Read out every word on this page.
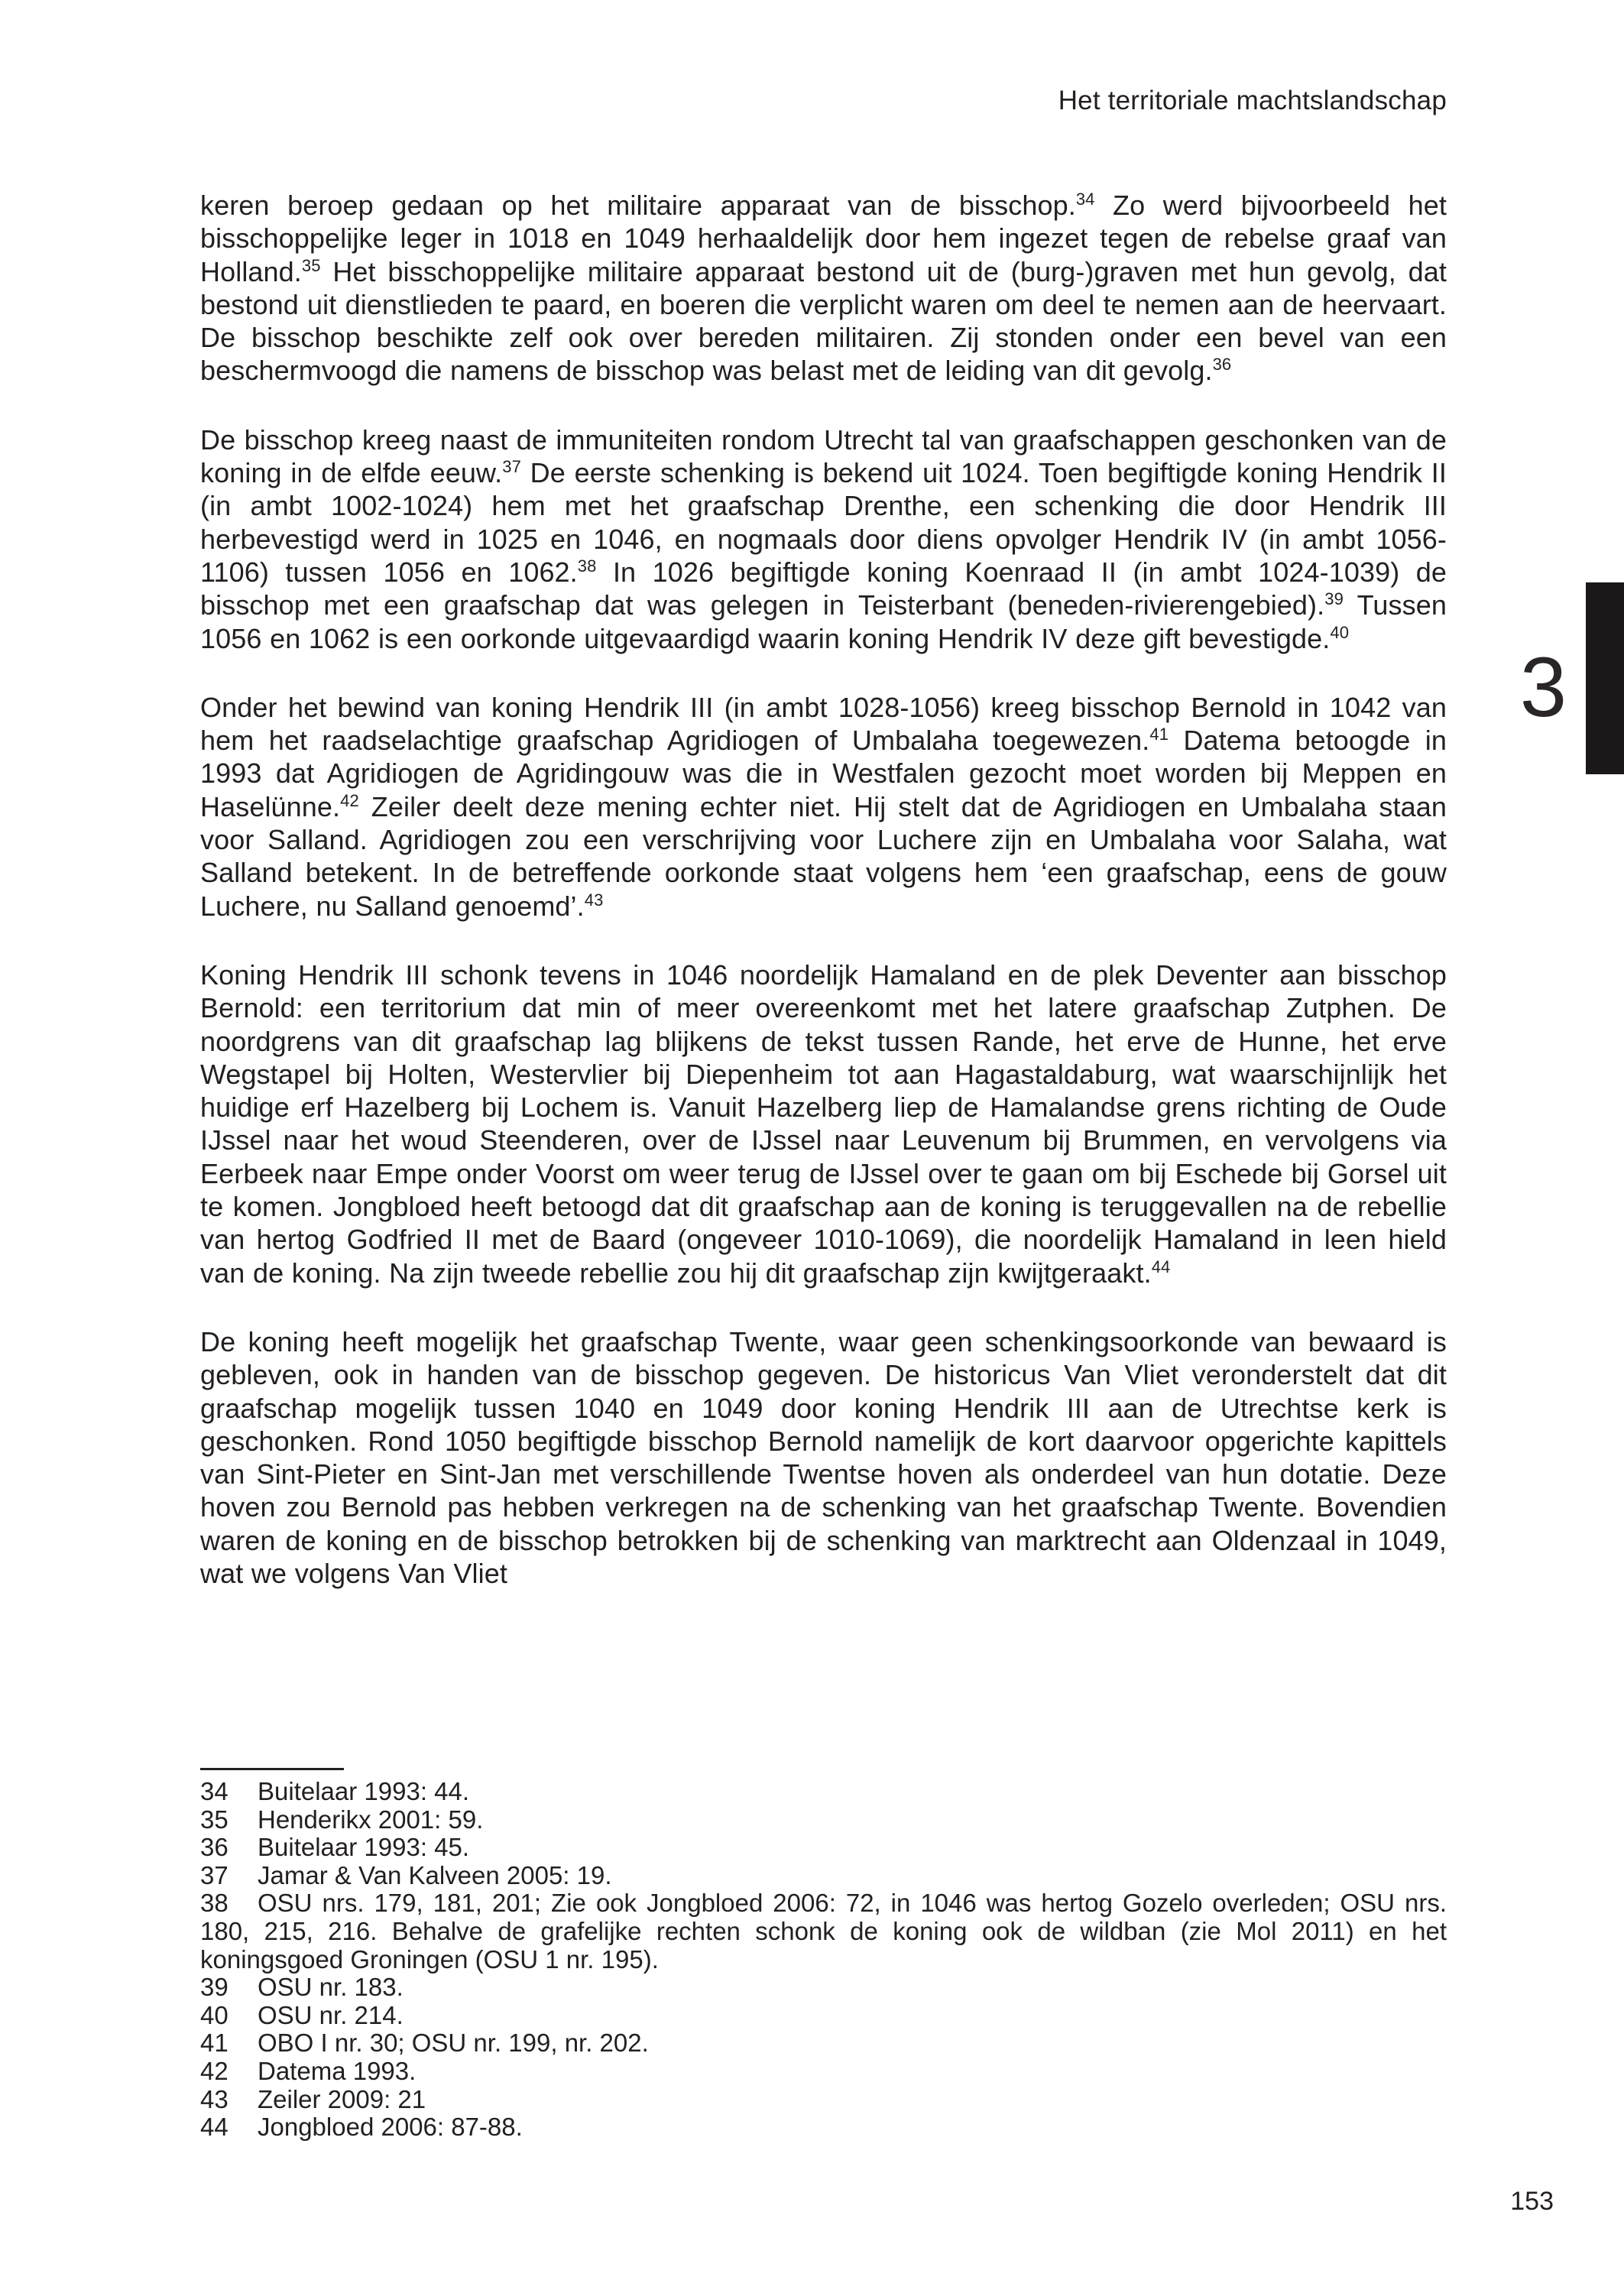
Het territoriale machtslandschap

keren beroep gedaan op het militaire apparaat van de bisschop.$^{34}$ Zo werd bijvoorbeeld het bisschoppelijke leger in 1018 en 1049 herhaaldelijk door hem ingezet tegen de rebelse graaf van Holland.$^{35}$ Het bisschoppelijke militaire apparaat bestond uit de (burg-)graven met hun gevolg, dat bestond uit dienstlieden te paard, en boeren die verplicht waren om deel te nemen aan de heervaart. De bisschop beschikte zelf ook over bereden militairen. Zij stonden onder een bevel van een beschermvoogd die namens de bisschop was belast met de leiding van dit gevolg.$^{36}$

De bisschop kreeg naast de immuniteiten rondom Utrecht tal van graafschappen geschonken van de koning in de elfde eeuw.$^{37}$ De eerste schenking is bekend uit 1024. Toen begiftigde koning Hendrik II (in ambt 1002-1024) hem met het graafschap Drenthe, een schenking die door Hendrik III herbevestigd werd in 1025 en 1046, en nogmaals door diens opvolger Hendrik IV (in ambt 1056-1106) tussen 1056 en 1062.38 In 1026 begiftigde koning Koenraad II (in ambt 1024-1039) de bisschop met een graafschap dat was gelegen in Teisterbant (beneden-rivierengebied).$^{39}$ Tussen 1056 en 1062 is een oorkonde uitgevaardigd waarin koning Hendrik IV deze gift bevestigde.$^{40}$

Onder het bewind van koning Hendrik III (in ambt 1028-1056) kreeg bisschop Bernold in 1042 van hem het raadselachtige graafschap Agridiogen of Umbalaha toegewezen.$^{41}$ Datema betoogde in 1993 dat Agridiogen de Agridingouw was die in Westfalen gezocht moet worden bij Meppen en Haselünne.$^{42}$ Zeiler deelt deze mening echter niet. Hij stelt dat de Agridiogen en Umbalaha staan voor Salland. Agridiogen zou een verschrijving voor Luchere zijn en Umbalaha voor Salaha, wat Salland betekent. In de betreffende oorkonde staat volgens hem ‘een graafschap, eens de gouw Luchere, nu Salland genoemd’.$^{43}$

Koning Hendrik III schonk tevens in 1046 noordelijk Hamaland en de plek Deventer aan bisschop Bernold: een territorium dat min of meer overeenkomt met het latere graafschap Zutphen. De noordgrens van dit graafschap lag blijkens de tekst tussen Rande, het erve de Hunne, het erve Wegstapel bij Holten, Westervlier bij Diepenheim tot aan Hagastaldaburg, wat waarschijnlijk het huidige erf Hazelberg bij Lochem is. Vanuit Hazelberg liep de Hamalandse grens richting de Oude IJssel naar het woud Steenderen, over de IJssel naar Leuvenum bij Brummen, en vervolgens via Eerbeek naar Empe onder Voorst om weer terug de IJssel over te gaan om bij Eschede bij Gorsel uit te komen. Jongbloed heeft betoogd dat dit graafschap aan de koning is teruggevallen na de rebellie van hertog Godfried II met de Baard (ongeveer 1010-1069), die noordelijk Hamaland in leen hield van de koning. Na zijn tweede rebellie zou hij dit graafschap zijn kwijtgeraakt.$^{44}$

De koning heeft mogelijk het graafschap Twente, waar geen schenkingsoorkonde van bewaard is gebleven, ook in handen van de bisschop gegeven. De historicus Van Vliet veronderstelt dat dit graafschap mogelijk tussen 1040 en 1049 door koning Hendrik III aan de Utrechtse kerk is geschonken. Rond 1050 begiftigde bisschop Bernold namelijk de kort daarvoor opgerichte kapittels van Sint-Pieter en Sint-Jan met verschillende Twentse hoven als onderdeel van hun dotatie. Deze hoven zou Bernold pas hebben verkregen na de schenking van het graafschap Twente. Bovendien waren de koning en de bisschop betrokken bij de schenking van marktrecht aan Oldenzaal in 1049, wat we volgens Van Vliet

3
34 Buitelaar 1993: 44.
35 Henderikx 2001: 59.
36 Buitelaar 1993: 45.
37 Jamar & Van Kalveen 2005: 19.
38 OSU nrs. 179, 181, 201; Zie ook Jongbloed 2006: 72, in 1046 was hertog Gozelo overleden; OSU nrs. 180, 215, 216. Behalve de grafelijke rechten schonk de koning ook de wildban (zie Mol 2011) en het koningsgoed Groningen (OSU 1 nr. 195).
39 OSU nr. 183.
40 OSU nr. 214.
41 OBO I nr. 30; OSU nr. 199, nr. 202.
42 Datema 1993.
43 Zeiler 2009: 21
44 Jongbloed 2006: 87-88.
153
